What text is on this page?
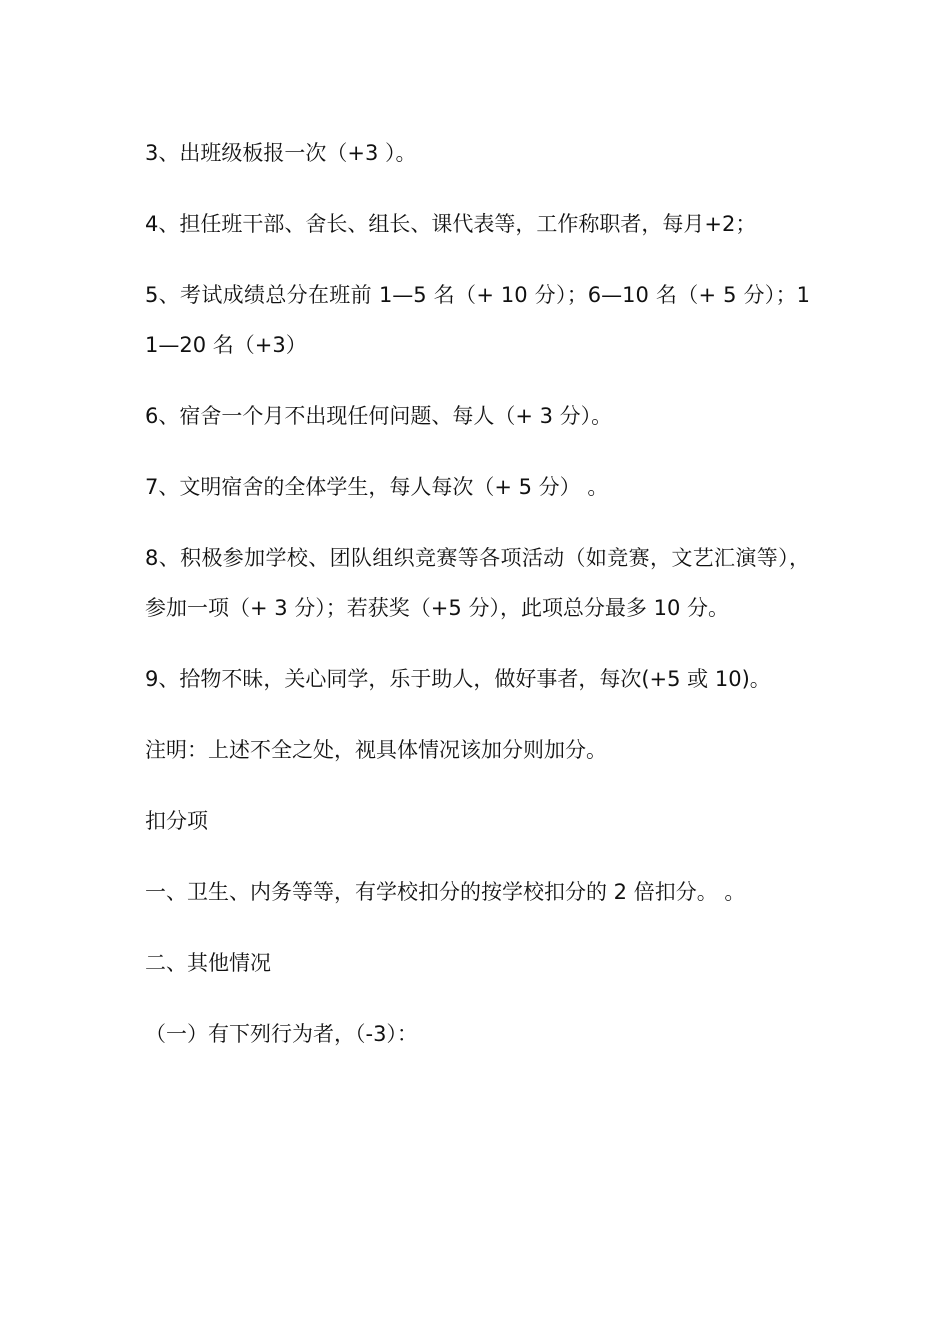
3、出班级板报一次（+3 ）。

4、担任班干部、舍长、组长、课代表等，工作称职者，每月+2；

5、考试成绩总分在班前 1—5 名（+ 10 分）；6—10 名（+ 5 分）；11—20 名（+3）

6、宿舍一个月不出现任何问题、每人（+ 3 分）。

7、文明宿舍的全体学生，每人每次（+ 5 分） 。

8、积极参加学校、团队组织竞赛等各项活动（如竞赛，文艺汇演等），参加一项（+ 3 分）；若获奖（+5 分），此项总分最多 10 分。

9、拾物不昧，关心同学，乐于助人，做好事者，每次(+5 或 10)。

注明：上述不全之处，视具体情况该加分则加分。

扣分项

一、卫生、内务等等，有学校扣分的按学校扣分的 2 倍扣分。 。

二、其他情况

（一）有下列行为者，（-3）：
